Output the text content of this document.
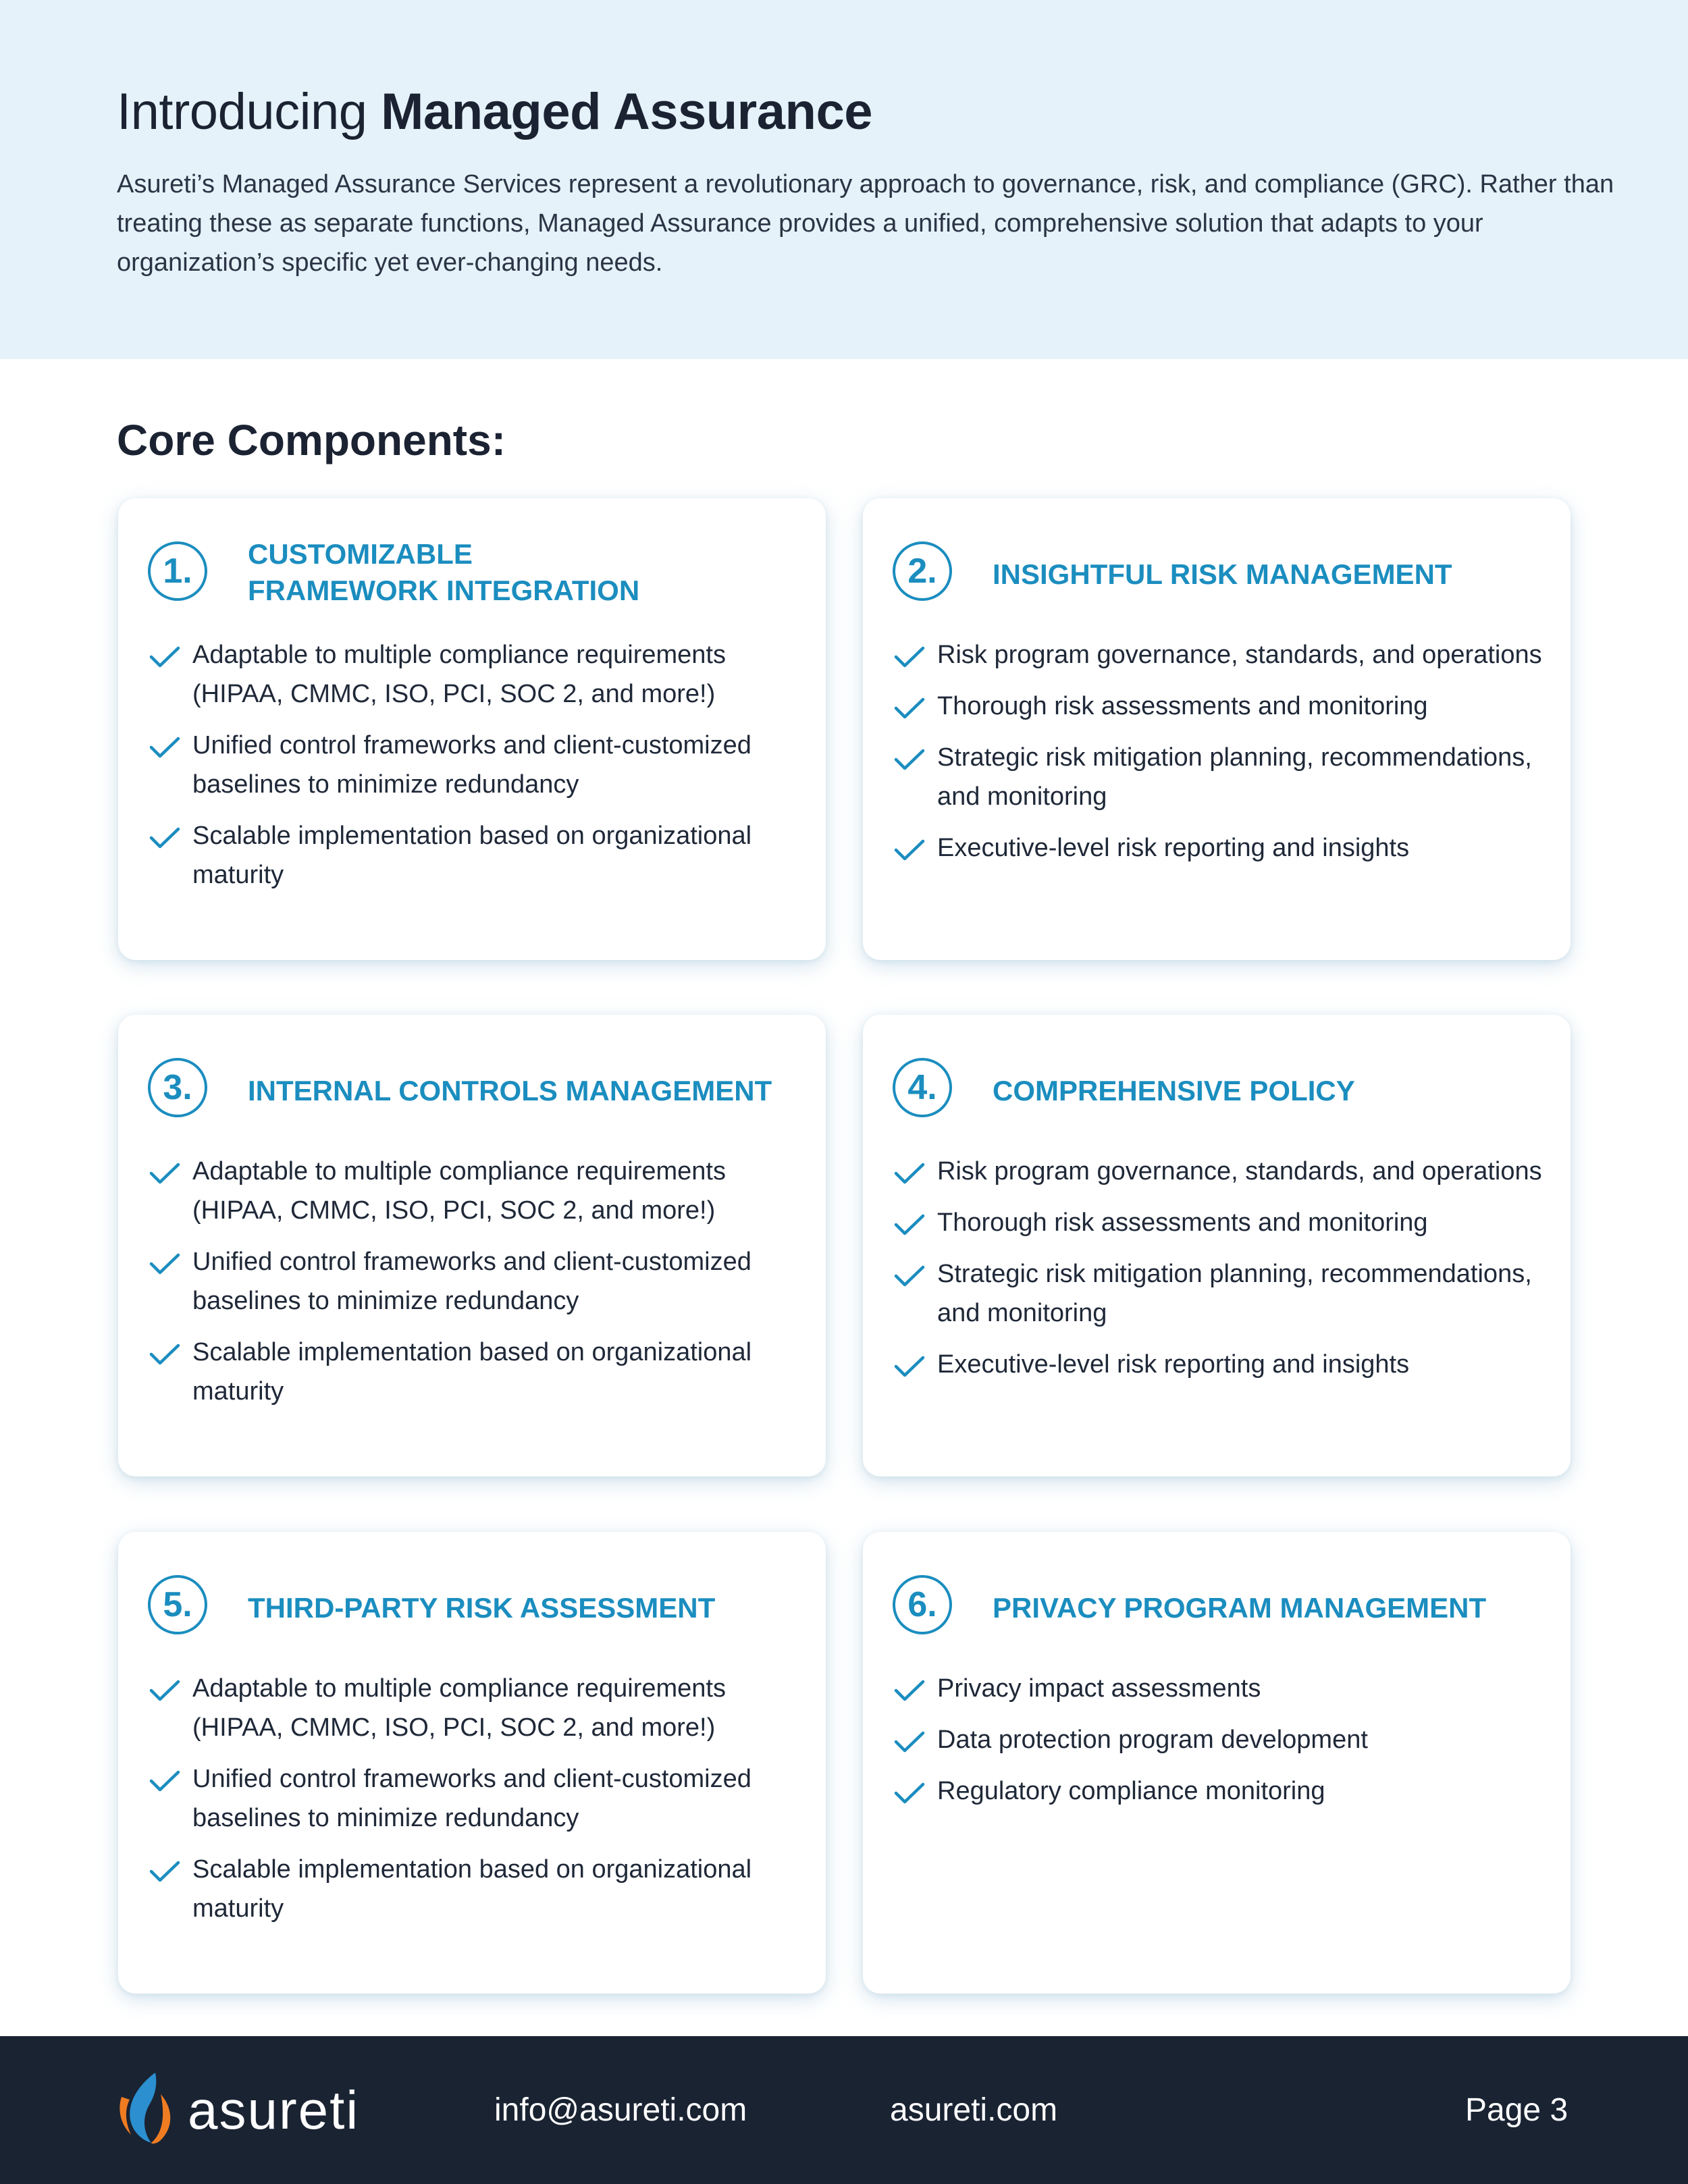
Introducing Managed Assurance

Asureti’s Managed Assurance Services represent a revolutionary approach to governance, risk, and compliance (GRC). Rather than treating these as separate functions, Managed Assurance provides a unified, comprehensive solution that adapts to your organization’s specific yet ever-changing needs.

Core Components:
1.	CUSTOMIZABLE
FRAMEWORK INTEGRATION
Adaptable to multiple compliance requirements (HIPAA, CMMC, ISO, PCI, SOC 2, and more!)
Unified control frameworks and client-customized baselines to minimize redundancy
Scalable implementation based on organizational maturity
2.	INSIGHTFUL RISK MANAGEMENT
Risk program governance, standards, and operations
Thorough risk assessments and monitoring
Strategic risk mitigation planning, recommendations, and monitoring
Executive-level risk reporting and insights
3.	INTERNAL CONTROLS MANAGEMENT
Adaptable to multiple compliance requirements (HIPAA, CMMC, ISO, PCI, SOC 2, and more!)
Unified control frameworks and client-customized baselines to minimize redundancy
Scalable implementation based on organizational maturity
4.	COMPREHENSIVE POLICY
Risk program governance, standards, and operations
Thorough risk assessments and monitoring
Strategic risk mitigation planning, recommendations, and monitoring
Executive-level risk reporting and insights
5.	THIRD-PARTY RISK ASSESSMENT
Adaptable to multiple compliance requirements (HIPAA, CMMC, ISO, PCI, SOC 2, and more!)
Unified control frameworks and client-customized baselines to minimize redundancy
Scalable implementation based on organizational maturity
6.	PRIVACY PROGRAM MANAGEMENT
Privacy impact assessments
Data protection program development
Regulatory compliance monitoring
asureti	info@asureti.com	asureti.com	Page 3
